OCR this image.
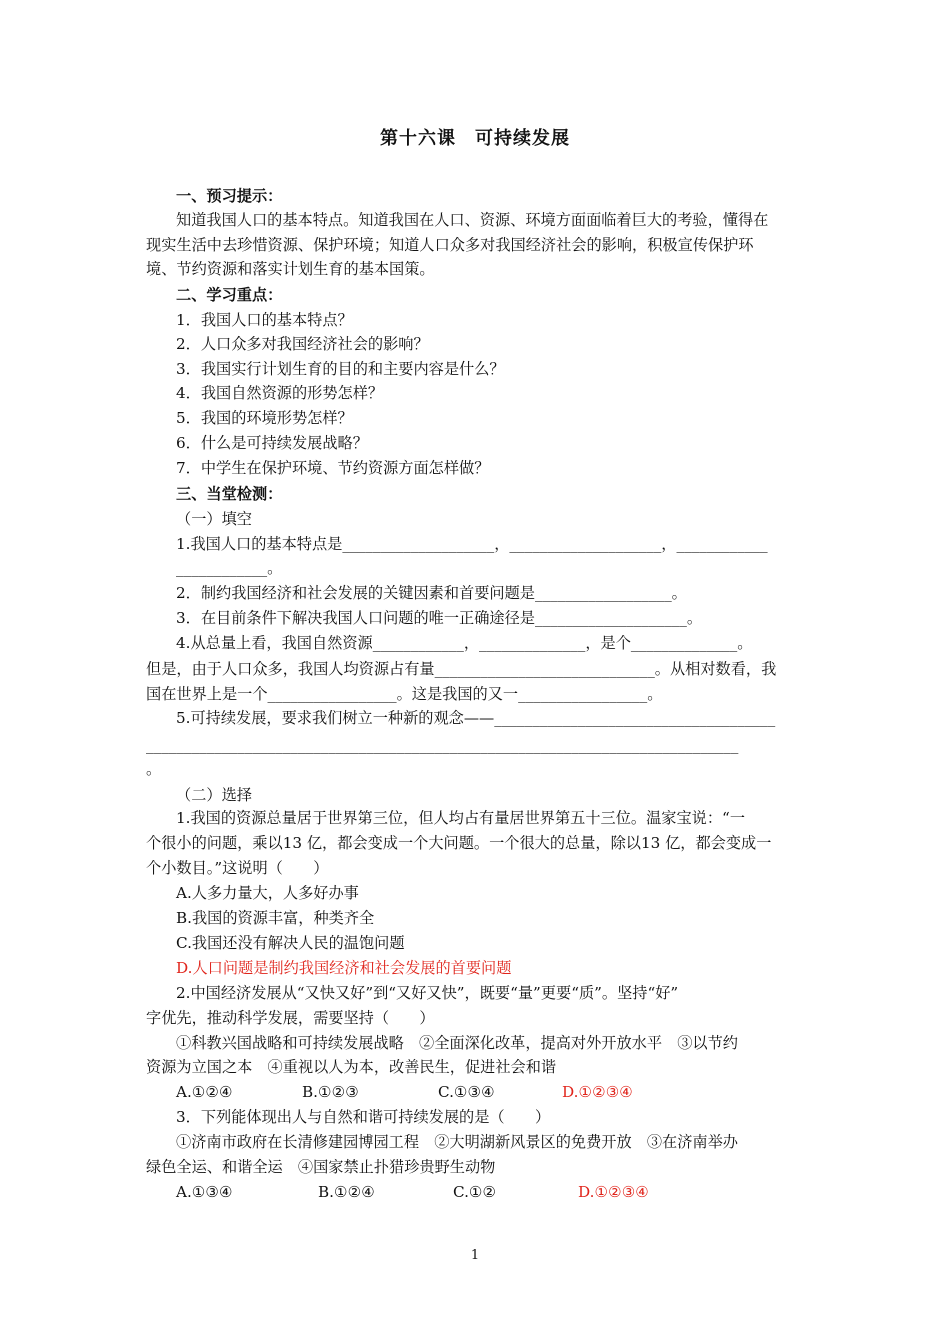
第十六课　可持续发展
一、预习提示：
知道我国人口的基本特点。知道我国在人口、资源、环境方面面临着巨大的考验，懂得在
现实生活中去珍惜资源、保护环境；知道人口众多对我国经济社会的影响，积极宣传保护环
境、节约资源和落实计划生育的基本国策。
二、学习重点：
1．我国人口的基本特点？
2．人口众多对我国经济社会的影响？
3．我国实行计划生育的目的和主要内容是什么？
4．我国自然资源的形势怎样？
5．我国的环境形势怎样？
6．什么是可持续发展战略？
7．中学生在保护环境、节约资源方面怎样做？
三、当堂检测：
（一）填空
1.我国人口的基本特点是____________________，____________________，____________
____________。
2．制约我国经济和社会发展的关键因素和首要问题是__________________。
3．在目前条件下解决我国人口问题的唯一正确途径是____________________。
4.从总量上看，我国自然资源____________，______________，是个______________。
但是，由于人口众多，我国人均资源占有量_____________________________。从相对数看，我
国在世界上是一个_________________。这是我国的又一_________________。
5.可持续发展，要求我们树立一种新的观念——_____________________________________
______________________________________________________________________________
。
（二）选择
1.我国的资源总量居于世界第三位，但人均占有量居世界第五十三位。温家宝说：“一
个很小的问题，乘以13 亿，都会变成一个大问题。一个很大的总量，除以13 亿，都会变成一
个小数目。”这说明（　　）
A.人多力量大，人多好办事
B.我国的资源丰富，种类齐全
C.我国还没有解决人民的温饱问题
D.人口问题是制约我国经济和社会发展的首要问题
2.中国经济发展从“又快又好”到“又好又快”，既要“量”更要“质”。坚持“好”
字优先，推动科学发展，需要坚持（　　）
①科教兴国战略和可持续发展战略　②全面深化改革，提高对外开放水平　③以节约
资源为立国之本　④重视以人为本，改善民生，促进社会和谐
A.①②④	B.①②③	C.①③④	D.①②③④
3．下列能体现出人与自然和谐可持续发展的是（　　）
①济南市政府在长清修建园博园工程　②大明湖新风景区的免费开放　③在济南举办
绿色全运、和谐全运　④国家禁止扑猎珍贵野生动物
A.①③④	B.①②④	C.①②	D.①②③④
1
